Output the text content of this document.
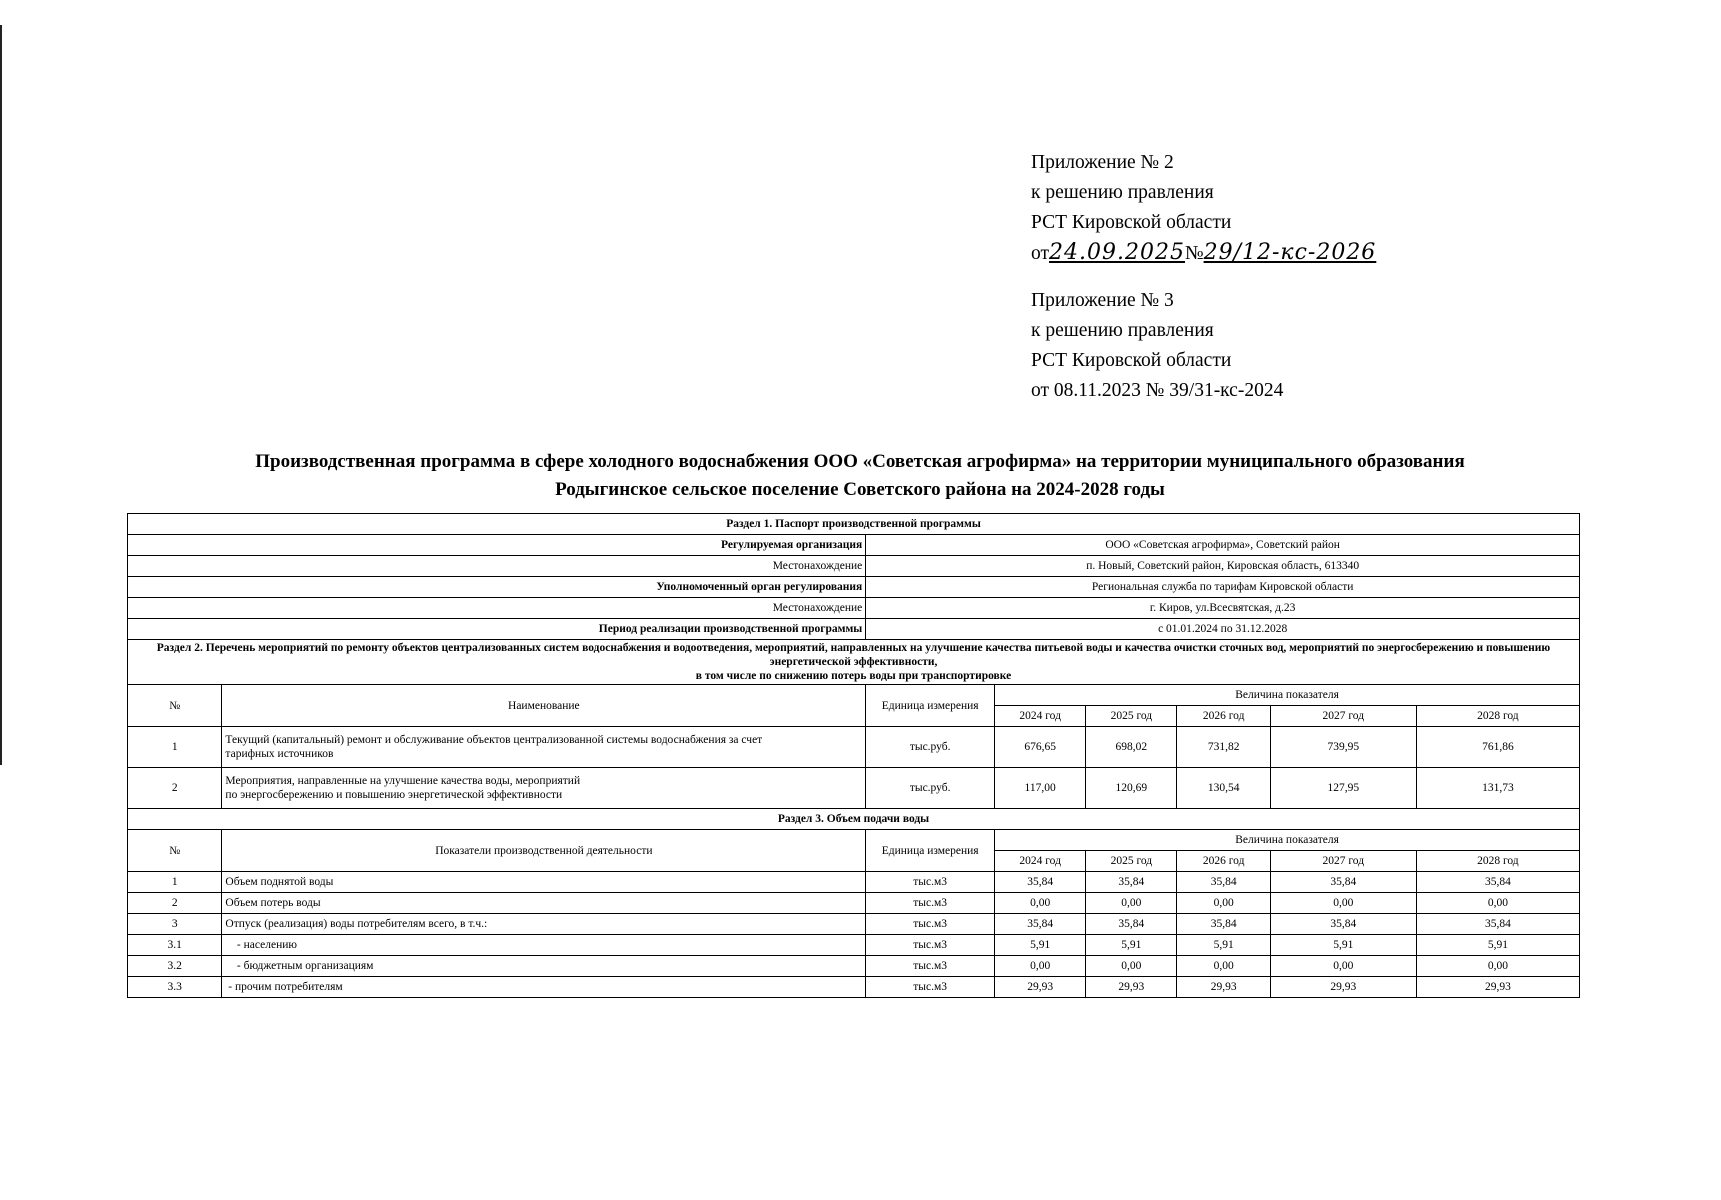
Приложение № 2
к решению правления
РСТ Кировской области
от24.09.2025№29/12-кс-2026
Приложение № 3
к решению правления
РСТ Кировской области
от 08.11.2023 № 39/31-кс-2024
Производственная программа в сфере холодного водоснабжения ООО «Советская агрофирма» на территории муниципального образования
Родыгинское сельское поселение Советского района на 2024-2028 годы
Раздел 1. Паспорт производственной программы							
Регулируемая организация		ООО «Советская агрофирма», Советский район					
Местонахождение		п. Новый, Советский район, Кировская область, 613340					
Уполномоченный орган регулирования		Региональная служба по тарифам Кировской области					
Местонахождение		г. Киров, ул.Всесвятская, д.23					
Период реализации производственной программы		с 01.01.2024 по 31.12.2028					

Раздел 2. Перечень мероприятий по ремонту объектов централизованных систем водоснабжения и водоотведения, мероприятий, направленных на улучшение качества питьевой воды и качества очистки сточных вод, мероприятий по энергосбережению и повышению энергетической эффективности,
в том числе по снижению потерь воды при транспортировке							

№	Наименование	Единица измерения	Величина показателя				
			2024 год	2025 год	2026 год	2027 год	2028 год
1	Текущий (капитальный) ремонт и обслуживание объектов централизованной системы водоснабжения за счет
тарифных источников	тыс.руб.	676,65	698,02	731,82	739,95	761,86
2	Мероприятия, направленные на улучшение качества воды, мероприятий
по энергосбережению и повышению энергетической эффективности	тыс.руб.	117,00	120,69	130,54	127,95	131,73
Раздел 3. Объем подачи воды							
№	Показатели производственной деятельности	Единица измерения	Величина показателя				
			2024 год	2025 год	2026 год	2027 год	2028 год
1	Объем поднятой воды	тыс.м3	35,84	35,84	35,84	35,84	35,84
2	Объем потерь воды	тыс.м3	0,00	0,00	0,00	0,00	0,00
3	Отпуск (реализация) воды потребителям всего, в т.ч.:	тыс.м3	35,84	35,84	35,84	35,84	35,84
3.1	- населению	тыс.м3	5,91	5,91	5,91	5,91	5,91
3.2	- бюджетным организациям	тыс.м3	0,00	0,00	0,00	0,00	0,00
3.3	- прочим потребителям	тыс.м3	29,93	29,93	29,93	29,93	29,93
